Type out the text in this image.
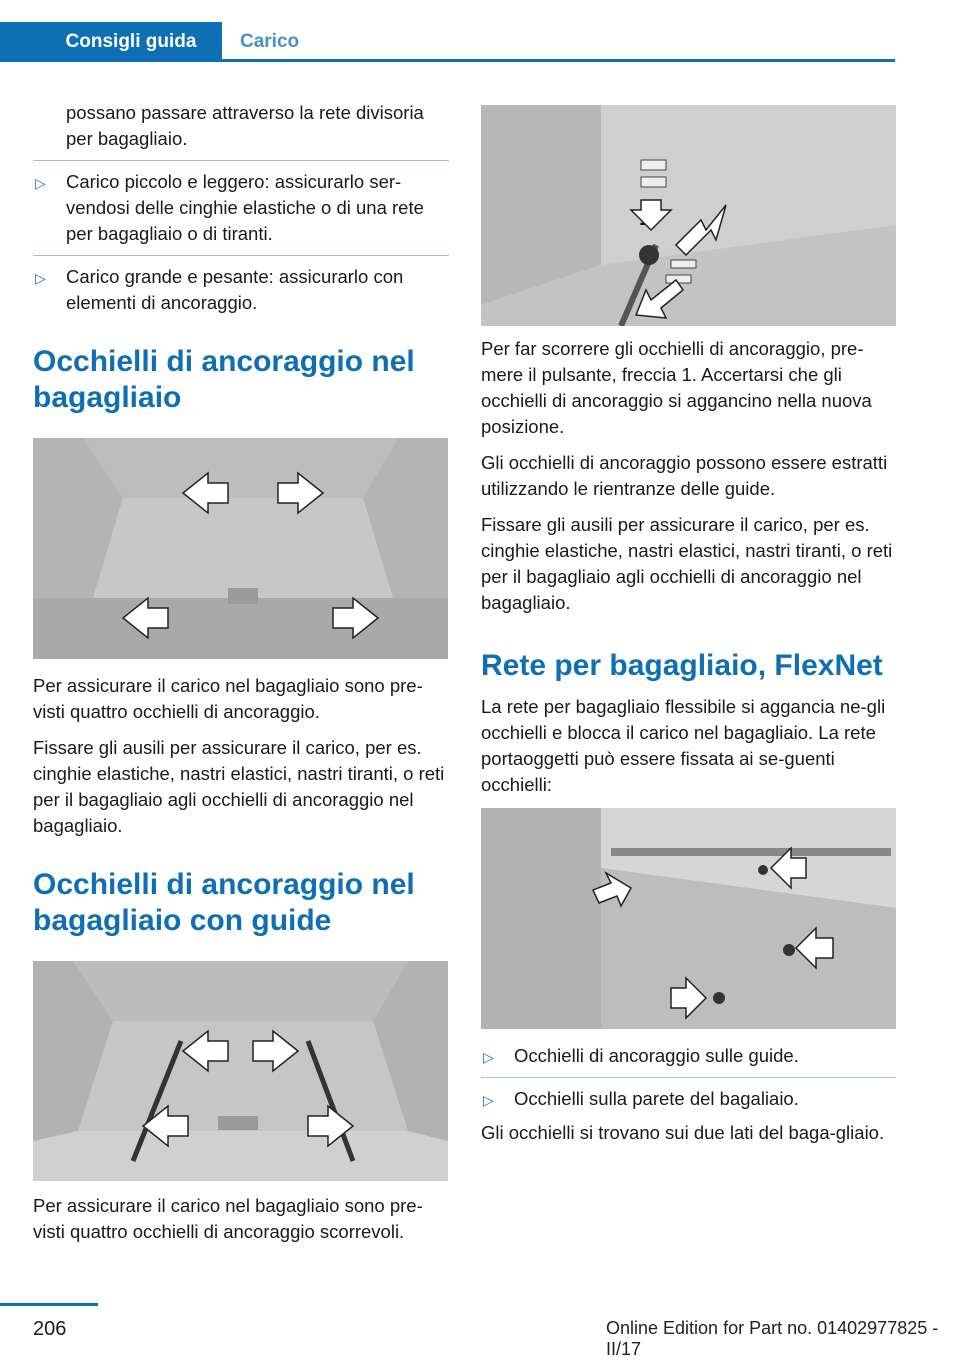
Consigli guida	Carico

possano passare attraverso la rete divisoria per bagagliaio.

▷ Carico piccolo e leggero: assicurarlo ser‐vendosi delle cinghie elastiche o di una rete per bagagliaio o di tiranti.
▷ Carico grande e pesante: assicurarlo con elementi di ancoraggio.
Occhielli di ancoraggio nel bagagliaio

Per assicurare il carico nel bagagliaio sono pre‐visti quattro occhielli di ancoraggio.

Fissare gli ausili per assicurare il carico, per es. cinghie elastiche, nastri elastici, nastri tiranti, o reti per il bagagliaio agli occhielli di ancoraggio nel bagagliaio.

Occhielli di ancoraggio nel bagagliaio con guide

Per assicurare il carico nel bagagliaio sono pre‐visti quattro occhielli di ancoraggio scorrevoli.

Per far scorrere gli occhielli di ancoraggio, pre‐mere il pulsante, freccia 1. Accertarsi che gli occhielli di ancoraggio si aggancino nella nuova posizione.

Gli occhielli di ancoraggio possono essere estratti utilizzando le rientranze delle guide.

Fissare gli ausili per assicurare il carico, per es. cinghie elastiche, nastri elastici, nastri tiranti, o reti per il bagagliaio agli occhielli di ancoraggio nel bagagliaio.

Rete per bagagliaio, FlexNet

La rete per bagagliaio flessibile si aggancia ne‐gli occhielli e blocca il carico nel bagagliaio. La rete portaoggetti può essere fissata ai se‐guenti occhielli:

▷ Occhielli di ancoraggio sulle guide.
▷ Occhielli sulla parete del bagaliaio.

Gli occhielli si trovano sui due lati del baga‐gliaio.

206	Online Edition for Part no. 01402977825 - II/17
